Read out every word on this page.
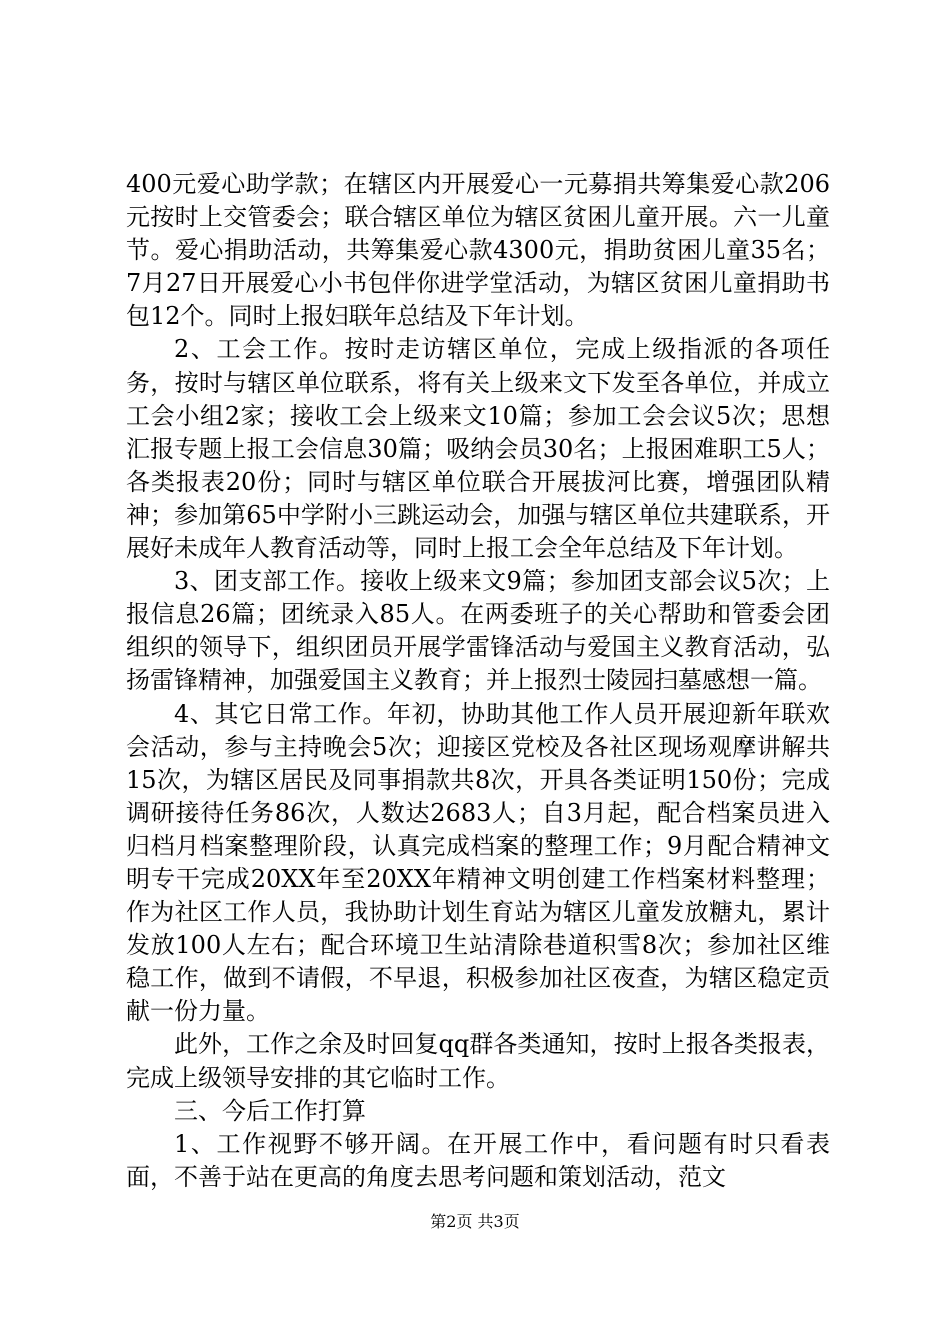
400元爱心助学款；在辖区内开展爱心一元募捐共筹集爱心款206元按时上交管委会；联合辖区单位为辖区贫困儿童开展。六一儿童节。爱心捐助活动，共筹集爱心款4300元，捐助贫困儿童35名；7月27日开展爱心小书包伴你进学堂活动，为辖区贫困儿童捐助书包12个。同时上报妇联年总结及下年计划。

2、工会工作。按时走访辖区单位，完成上级指派的各项任务，按时与辖区单位联系，将有关上级来文下发至各单位，并成立工会小组2家；接收工会上级来文10篇；参加工会会议5次；思想汇报专题上报工会信息30篇；吸纳会员30名；上报困难职工5人；各类报表20份；同时与辖区单位联合开展拔河比赛，增强团队精神；参加第65中学附小三跳运动会，加强与辖区单位共建联系，开展好未成年人教育活动等，同时上报工会全年总结及下年计划。

3、团支部工作。接收上级来文9篇；参加团支部会议5次；上报信息26篇；团统录入85人。在两委班子的关心帮助和管委会团组织的领导下，组织团员开展学雷锋活动与爱国主义教育活动，弘扬雷锋精神，加强爱国主义教育；并上报烈士陵园扫墓感想一篇。

4、其它日常工作。年初，协助其他工作人员开展迎新年联欢会活动，参与主持晚会5次；迎接区党校及各社区现场观摩讲解共15次，为辖区居民及同事捐款共8次，开具各类证明150份；完成调研接待任务86次，人数达2683人；自3月起，配合档案员进入归档月档案整理阶段，认真完成档案的整理工作；9月配合精神文明专干完成20XX年至20XX年精神文明创建工作档案材料整理；作为社区工作人员，我协助计划生育站为辖区儿童发放糖丸，累计发放100人左右；配合环境卫生站清除巷道积雪8次；参加社区维稳工作，做到不请假，不早退，积极参加社区夜查，为辖区稳定贡献一份力量。

此外，工作之余及时回复qq群各类通知，按时上报各类报表，完成上级领导安排的其它临时工作。

三、今后工作打算

1、工作视野不够开阔。在开展工作中，看问题有时只看表面，不善于站在更高的角度去思考问题和策划活动，范文

第2页 共3页
